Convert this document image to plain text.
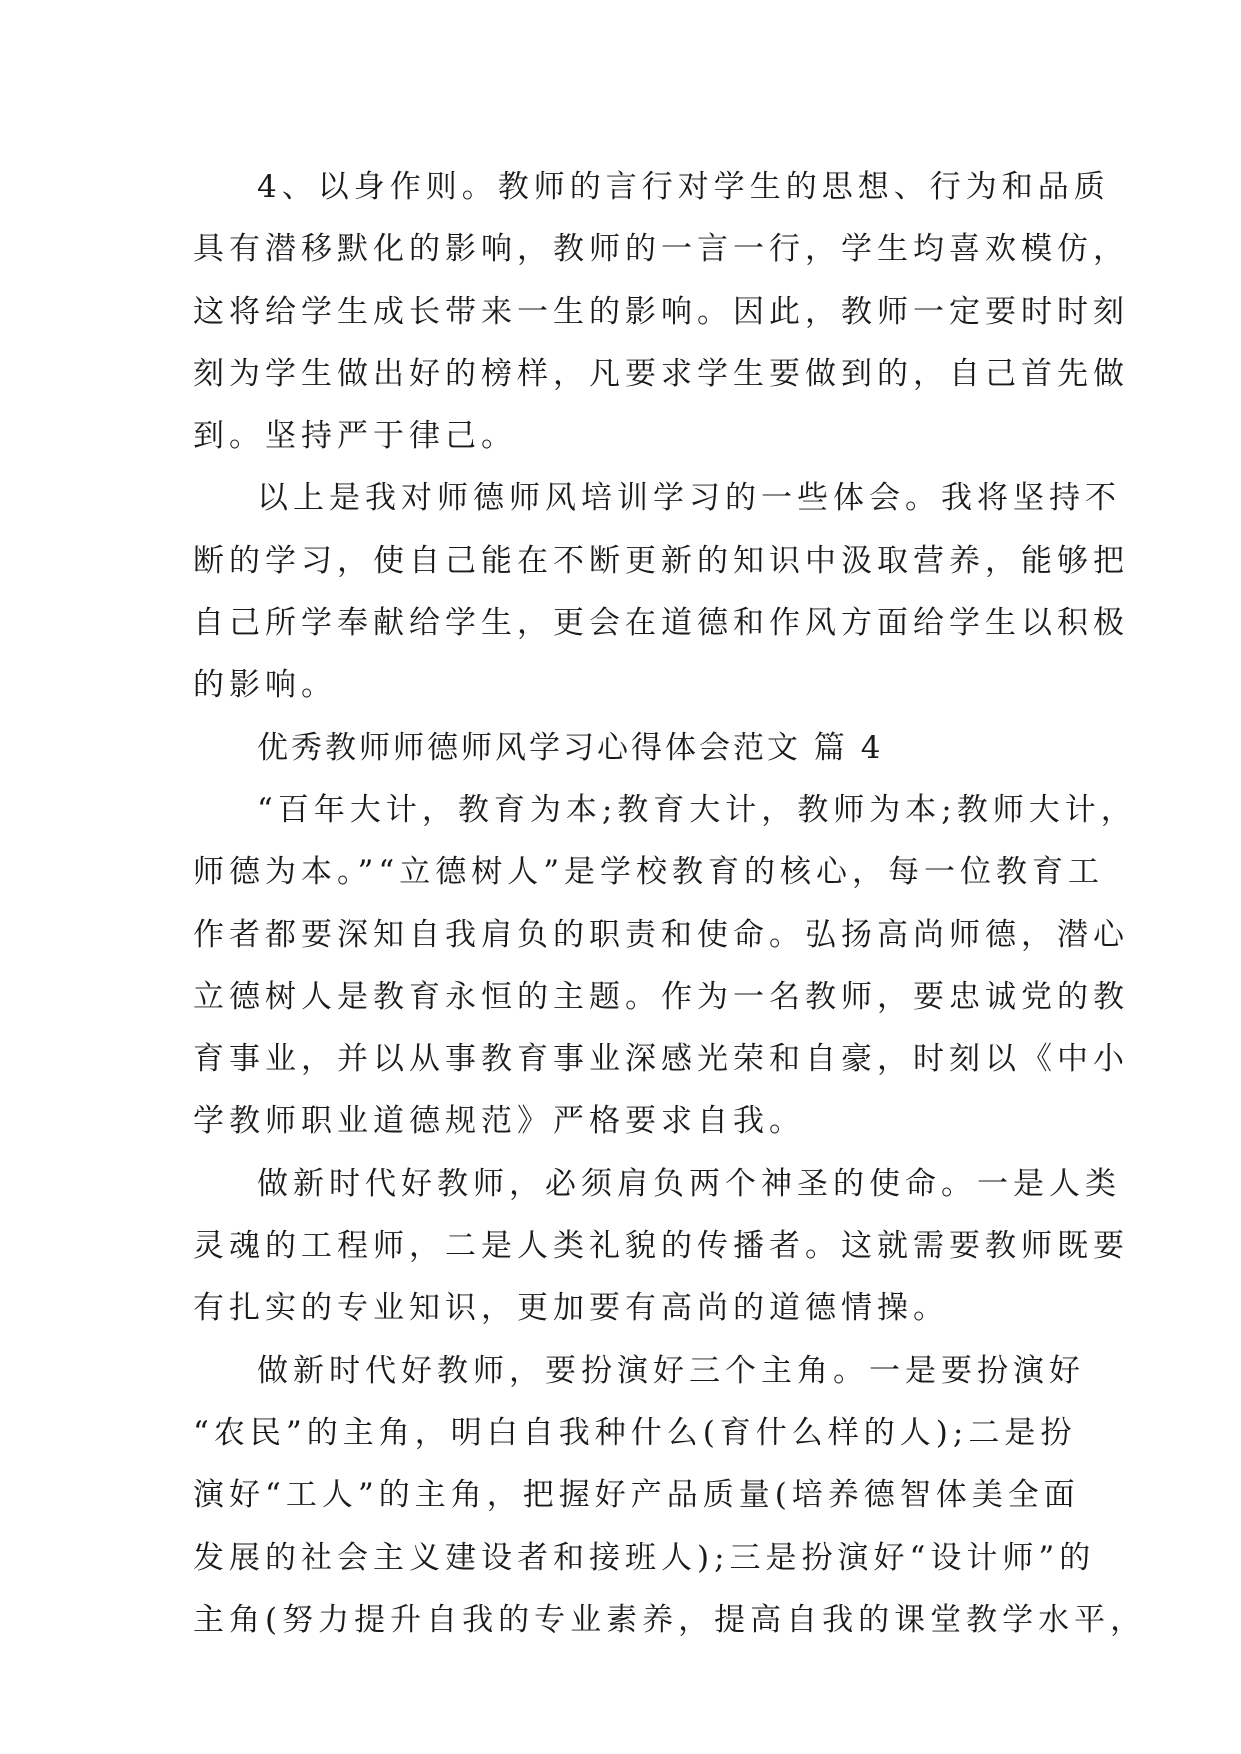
4、以身作则。教师的言行对学生的思想、行为和品质
具有潜移默化的影响，教师的一言一行，学生均喜欢模仿，
这将给学生成长带来一生的影响。因此，教师一定要时时刻
刻为学生做出好的榜样，凡要求学生要做到的，自己首先做
到。坚持严于律己。
以上是我对师德师风培训学习的一些体会。我将坚持不
断的学习，使自己能在不断更新的知识中汲取营养，能够把
自己所学奉献给学生，更会在道德和作风方面给学生以积极
的影响。
优秀教师师德师风学习心得体会范文 篇 4
“百年大计，教育为本;教育大计，教师为本;教师大计，
师德为本。”“立德树人”是学校教育的核心，每一位教育工
作者都要深知自我肩负的职责和使命。弘扬高尚师德，潜心
立德树人是教育永恒的主题。作为一名教师，要忠诚党的教
育事业，并以从事教育事业深感光荣和自豪，时刻以《中小
学教师职业道德规范》严格要求自我。
做新时代好教师，必须肩负两个神圣的使命。一是人类
灵魂的工程师，二是人类礼貌的传播者。这就需要教师既要
有扎实的专业知识，更加要有高尚的道德情操。
做新时代好教师，要扮演好三个主角。一是要扮演好
“农民”的主角，明白自我种什么(育什么样的人);二是扮
演好“工人”的主角，把握好产品质量(培养德智体美全面
发展的社会主义建设者和接班人);三是扮演好“设计师”的
主角(努力提升自我的专业素养，提高自我的课堂教学水平，
